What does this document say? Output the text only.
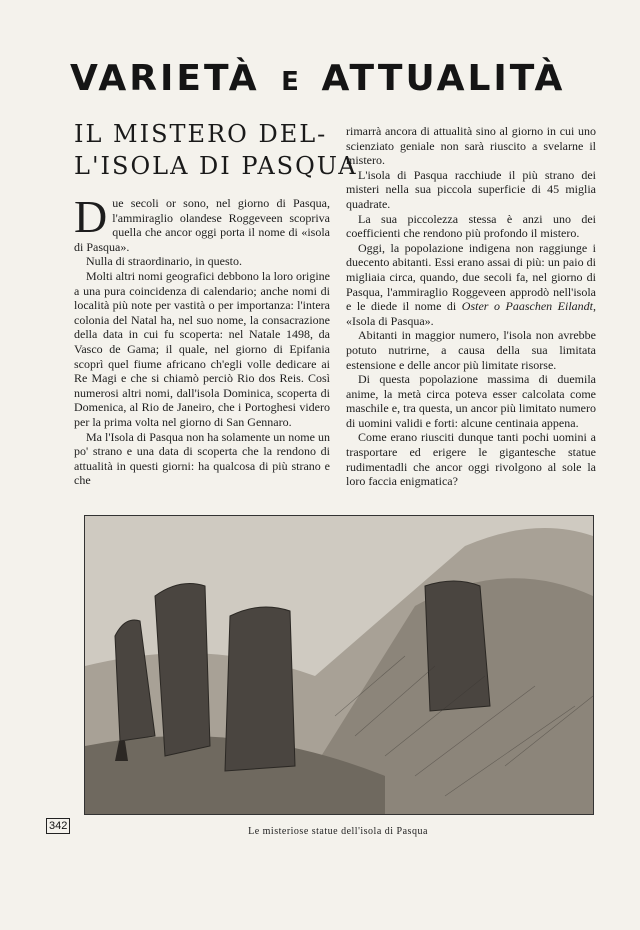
VARIETÀ E ATTUALITÀ
IL MISTERO DEL-
L'ISOLA DI PASQUA

Due secoli or sono, nel giorno di Pasqua, l'ammiraglio olandese Roggeveen scopriva quella che ancor oggi porta il nome di «isola di Pasqua».

Nulla di straordinario, in questo.

Molti altri nomi geografici debbono la loro origine a una pura coincidenza di calendario; anche nomi di località più note per vastità o per importanza: l'intera colonia del Natal ha, nel suo nome, la consacrazione della data in cui fu scoperta: nel Natale 1498, da Vasco de Gama; il quale, nel giorno di Epifania scoprì quel fiume africano ch'egli volle dedicare ai Re Magi e che si chiamò perciò Rio dos Reis. Così numerosi altri nomi, dall'isola Dominica, scoperta di Domenica, al Rio de Janeiro, che i Portoghesi videro per la prima volta nel giorno di San Gennaro.

Ma l'Isola di Pasqua non ha solamente un nome un po' strano e una data di scoperta che la rendono di attualità in questi giorni: ha qualcosa di più strano e che

rimarrà ancora di attualità sino al giorno in cui uno scienziato geniale non sarà riuscito a svelarne il mistero.

L'isola di Pasqua racchiude il più strano dei misteri nella sua piccola superficie di 45 miglia quadrate.

La sua piccolezza stessa è anzi uno dei coefficienti che rendono più profondo il mistero.

Oggi, la popolazione indigena non raggiunge i duecento abitanti. Essi erano assai di più: un paio di migliaia circa, quando, due secoli fa, nel giorno di Pasqua, l'ammiraglio Roggeveen approdò nell'isola e le diede il nome di Oster o Paaschen Eilandt, «Isola di Pasqua».

Abitanti in maggior numero, l'isola non avrebbe potuto nutrirne, a causa della sua limitata estensione e delle ancor più limitate risorse.

Di questa popolazione massima di duemila anime, la metà circa poteva esser calcolata come maschile e, tra questa, un ancor più limitato numero di uomini validi e forti: alcune centinaia appena.

Come erano riusciti dunque tanti pochi uomini a trasportare ed erigere le gigantesche statue rudimentadli che ancor oggi rivolgono al sole la loro faccia enigmatica?

342	Le misteriose statue dell'isola di Pasqua
